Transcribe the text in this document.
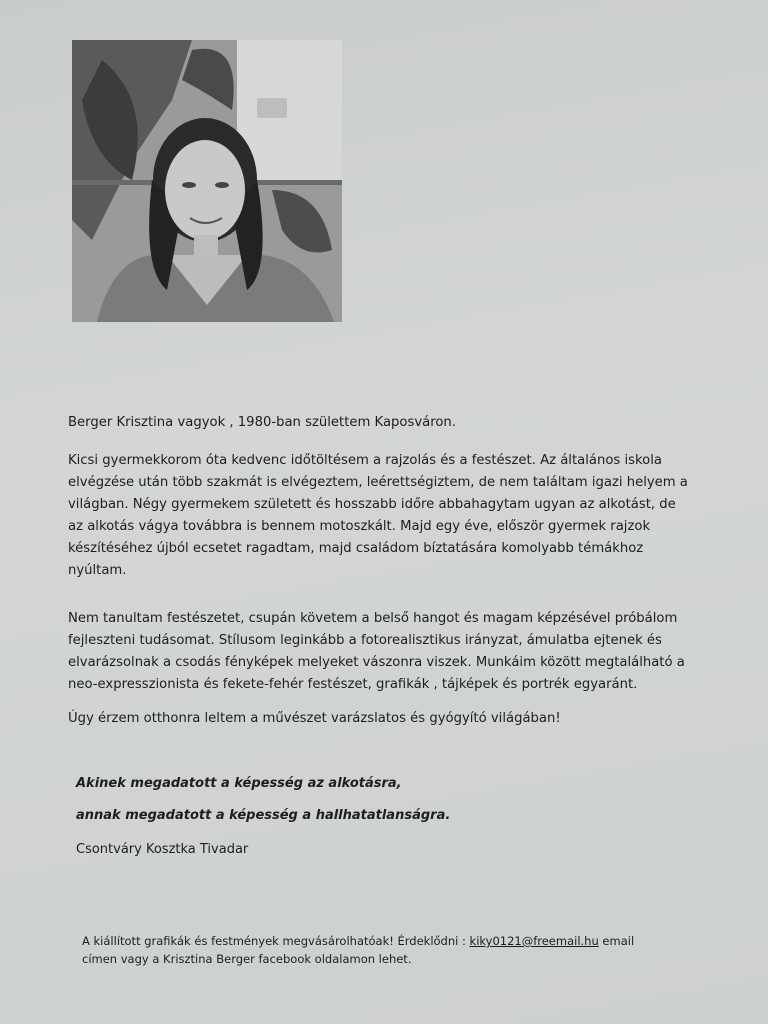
Berger Krisztina vagyok , 1980-ban születtem Kaposváron.
Kicsi gyermekkorom óta kedvenc időtöltésem a rajzolás és a festészet. Az általános iskola
elvégzése után több szakmát is elvégeztem, leérettségiztem, de nem találtam igazi helyem a
világban. Négy gyermekem született és hosszabb időre abbahagytam ugyan az alkotást, de
az alkotás vágya továbbra is bennem motoszkált. Majd egy éve, először gyermek rajzok
készítéséhez újból ecsetet ragadtam, majd családom bíztatására komolyabb témákhoz
nyúltam.
Nem tanultam festészetet, csupán követem a belső hangot és magam képzésével próbálom
fejleszteni tudásomat. Stílusom leginkább a fotorealisztikus irányzat, ámulatba ejtenek és
elvarázsolnak a csodás fényképek melyeket vászonra viszek. Munkáim között megtalálható a
neo-expresszionista és fekete-fehér festészet, grafikák , tájképek és portrék egyaránt.
Úgy érzem otthonra leltem a művészet varázslatos és gyógyító világában!
Akinek megadatott a képesség az alkotásra,
annak megadatott a képesség a hallhatatlanságra.
Csontváry Kosztka Tivadar
A kiállított grafikák és festmények megvásárolhatóak! Érdeklődni : kiky0121@freemail.hu email
címen vagy a Krisztina Berger facebook oldalamon lehet.
